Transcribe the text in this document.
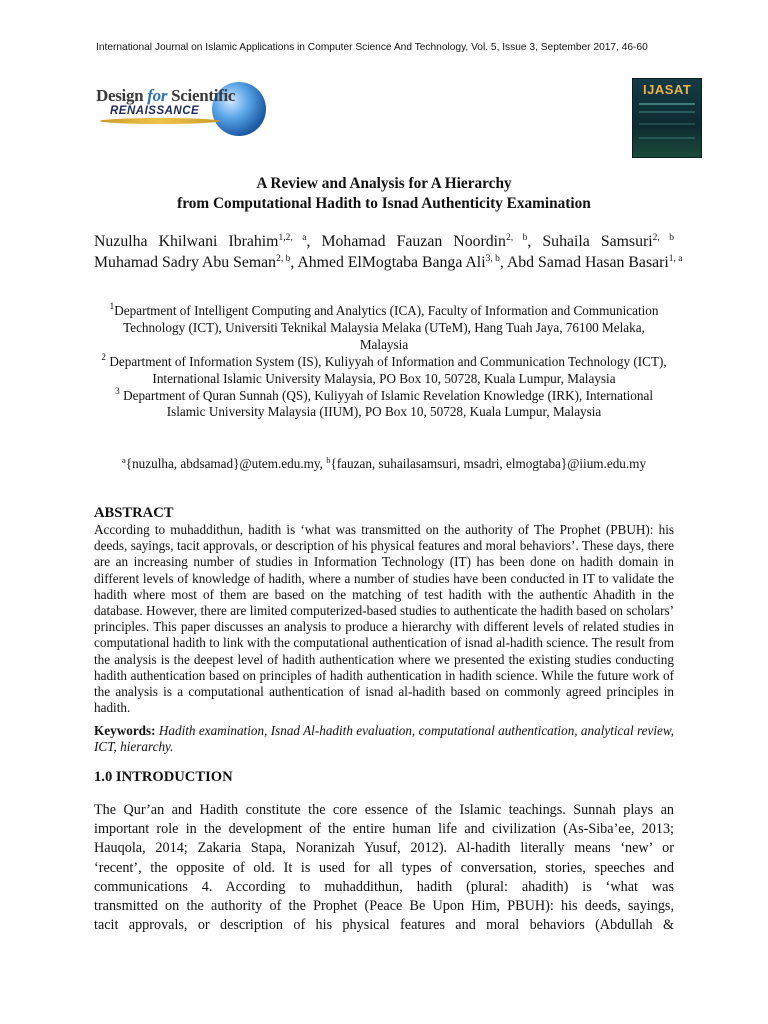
International Journal on Islamic Applications in Computer Science And Technology, Vol. 5, Issue 3, September 2017, 46-60
Design for Scientific
RENAISSANCE
IJASAT
A Review and Analysis for A Hierarchy
from Computational Hadith to Isnad Authenticity Examination
Nuzulha Khilwani Ibrahim$^{1,2, a}$, Mohamad Fauzan Noordin$^{2, b}$, Suhaila Samsuri$^{2, b}$
Muhamad Sadry Abu Seman$^{2, b}$, Ahmed ElMogtaba Banga Ali$^{3, b}$, Abd Samad Hasan Basari$^{1, a}$

$^1$Department of Intelligent Computing and Analytics (ICA), Faculty of Information and Communication Technology (ICT), Universiti Teknikal Malaysia Melaka (UTeM), Hang Tuah Jaya, 76100 Melaka, Malaysia

$^2$ Department of Information System (IS), Kuliyyah of Information and Communication Technology (ICT), International Islamic University Malaysia, PO Box 10, 50728, Kuala Lumpur, Malaysia

$^3$ Department of Quran Sunnah (QS), Kuliyyah of Islamic Revelation Knowledge (IRK), International Islamic University Malaysia (IIUM), PO Box 10, 50728, Kuala Lumpur, Malaysia

$^a${nuzulha, abdsamad}@utem.edu.my, $^b${fauzan, suhailasamsuri, msadri, elmogtaba}@iium.edu.my
ABSTRACT
According to muhaddithun, hadith is ‘what was transmitted on the authority of The Prophet (PBUH): his deeds, sayings, tacit approvals, or description of his physical features and moral behaviors’. These days, there are an increasing number of studies in Information Technology (IT) has been done on hadith domain in different levels of knowledge of hadith, where a number of studies have been conducted in IT to validate the hadith where most of them are based on the matching of test hadith with the authentic Ahadith in the database. However, there are limited computerized-based studies to authenticate the hadith based on scholars’ principles. This paper discusses an analysis to produce a hierarchy with different levels of related studies in computational hadith to link with the computational authentication of isnad al-hadith science. The result from the analysis is the deepest level of hadith authentication where we presented the existing studies conducting hadith authentication based on principles of hadith authentication in hadith science. While the future work of the analysis is a computational authentication of isnad al-hadith based on commonly agreed principles in hadith.
Keywords: Hadith examination, Isnad Al-hadith evaluation, computational authentication, analytical review, ICT, hierarchy.
1.0 INTRODUCTION
The Qur’an and Hadith constitute the core essence of the Islamic teachings. Sunnah plays an
important role in the development of the entire human life and civilization (As-Siba’ee, 2013;
Hauqola, 2014; Zakaria Stapa, Noranizah Yusuf, 2012). Al-hadith literally means ‘new’ or
‘recent’, the opposite of old. It is used for all types of conversation, stories, speeches and
communications 4. According to muhaddithun, hadith (plural: ahadith) is ‘what was
transmitted on the authority of the Prophet (Peace Be Upon Him, PBUH): his deeds, sayings,
tacit approvals, or description of his physical features and moral behaviors (Abdullah &
